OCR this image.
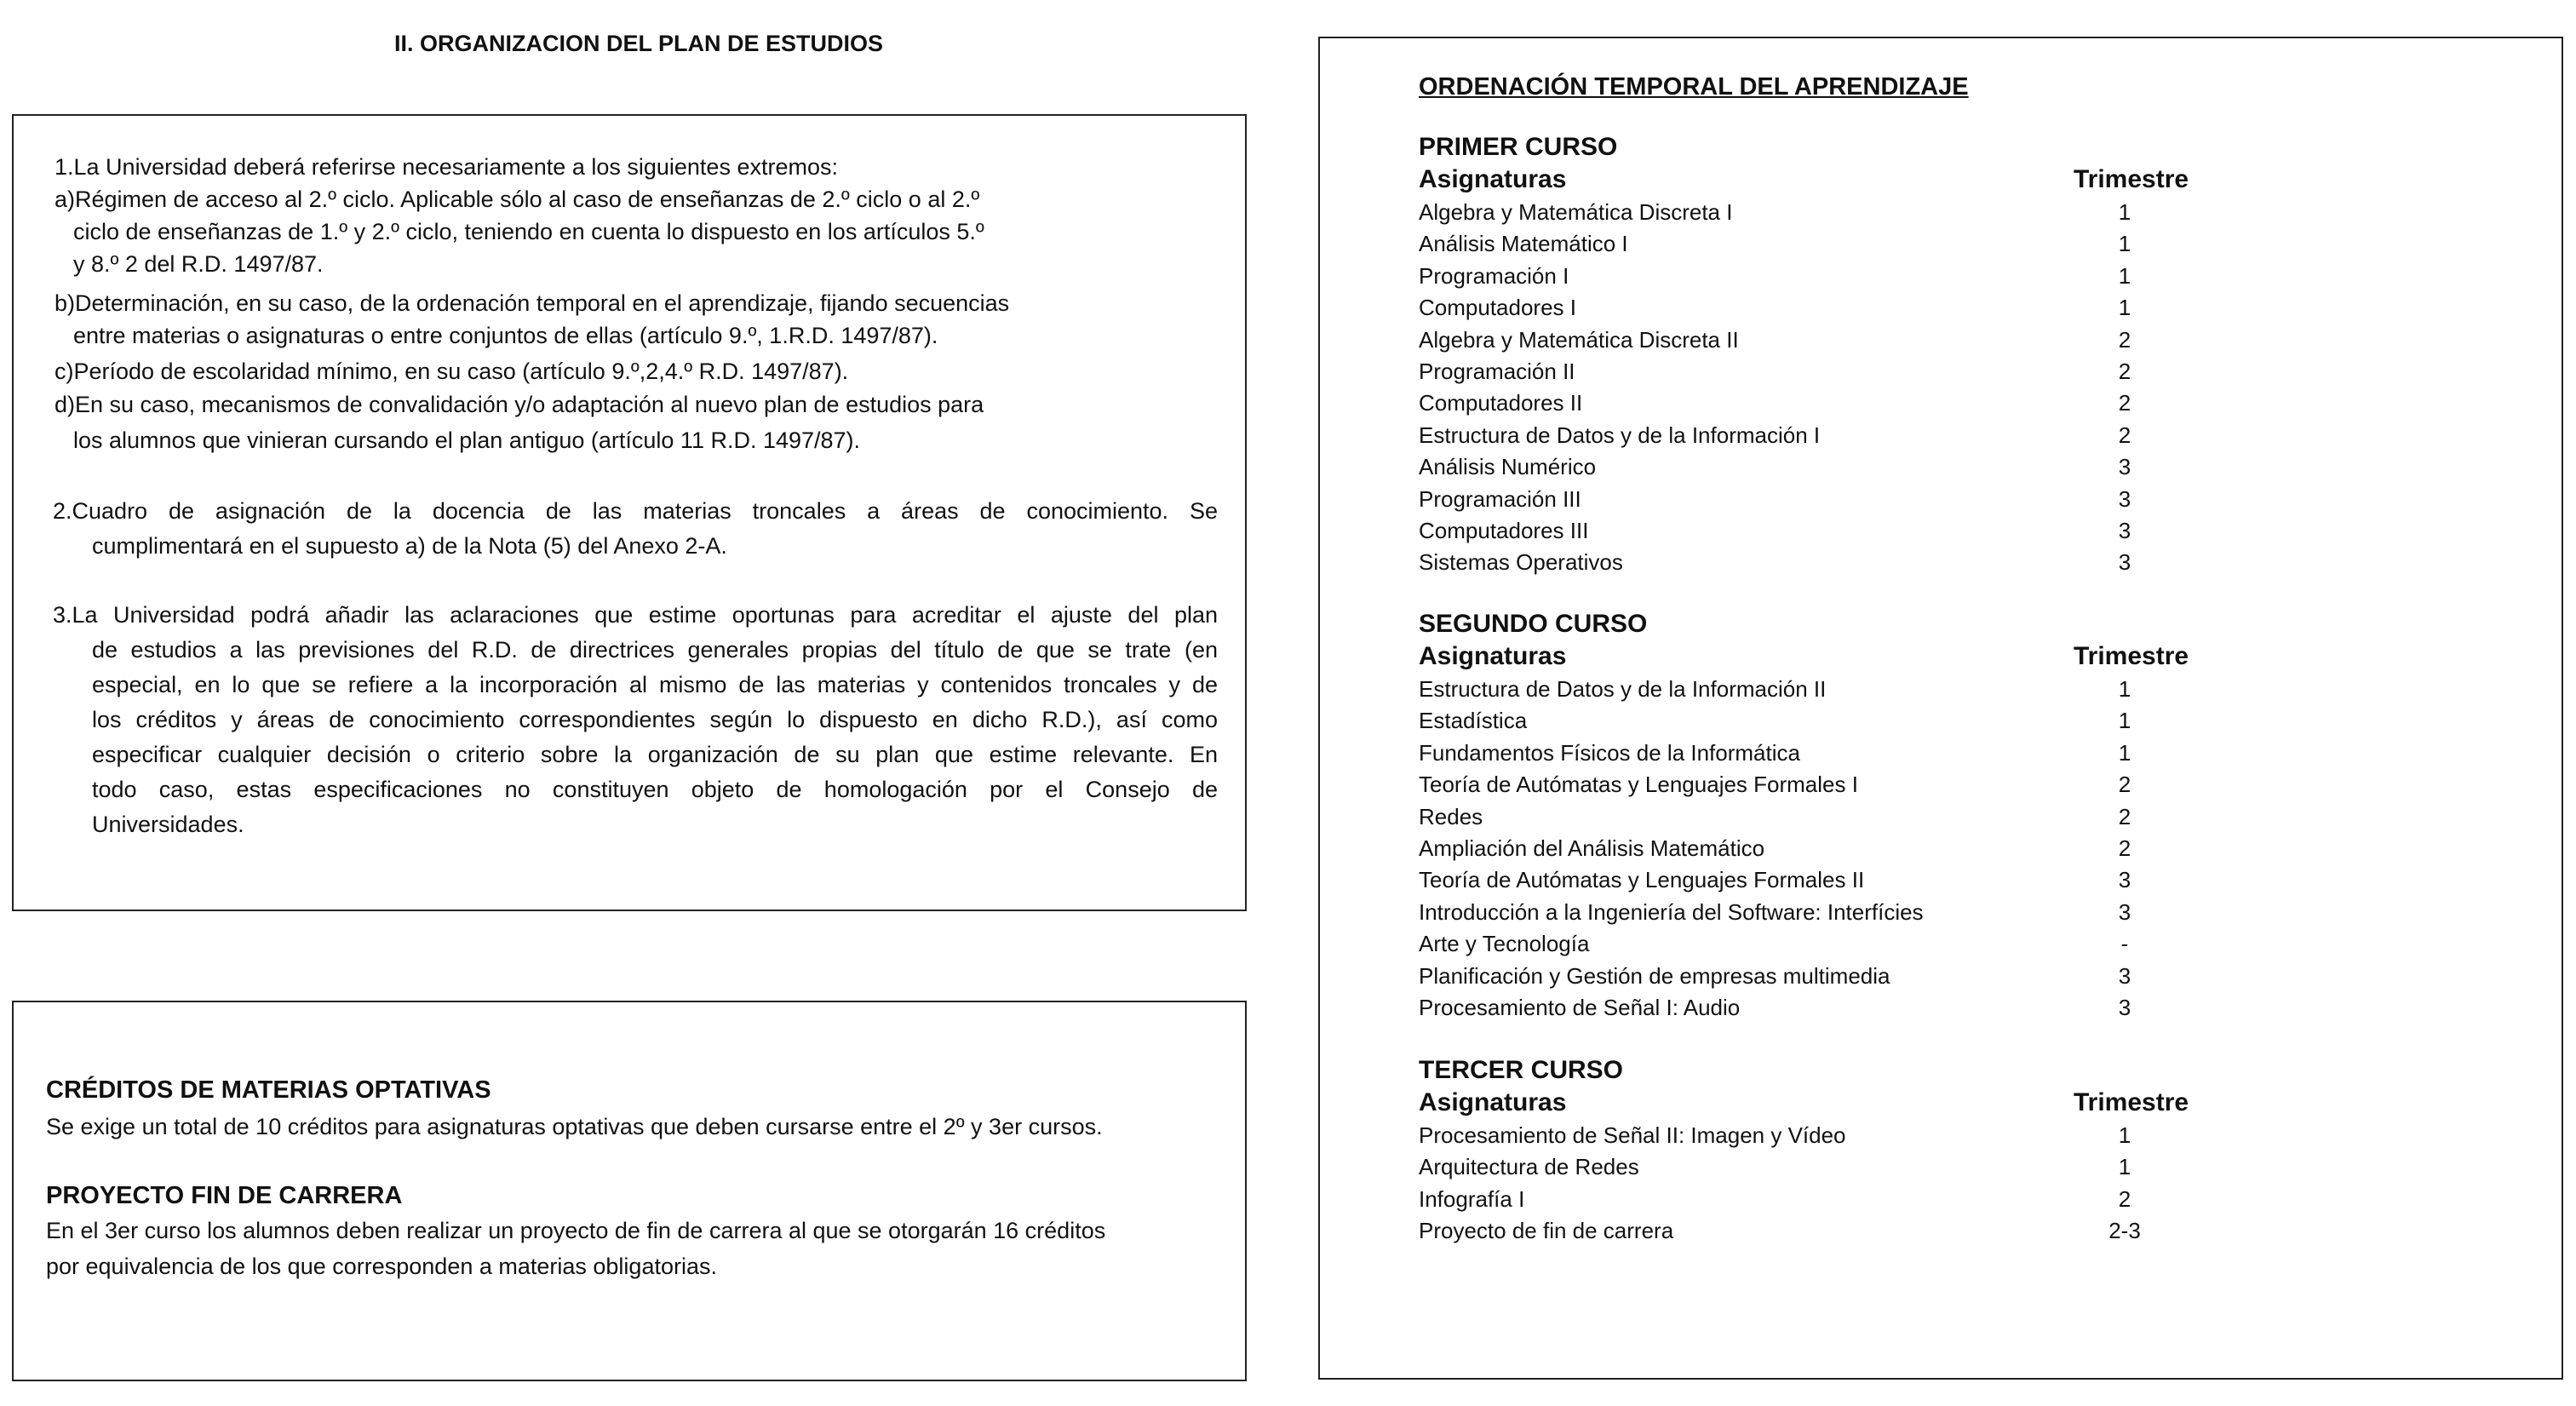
II. ORGANIZACION DEL PLAN DE ESTUDIOS
1.La Universidad deberá referirse necesariamente a los siguientes extremos:
a)Régimen de acceso al 2.º ciclo. Aplicable sólo al caso de enseñanzas de 2.º ciclo o al 2.º
ciclo de enseñanzas de 1.º y 2.º ciclo, teniendo en cuenta lo dispuesto en los artículos 5.º
y 8.º 2 del R.D. 1497/87.
b)Determinación, en su caso, de la ordenación temporal en el aprendizaje, fijando secuencias
entre materias o asignaturas o entre conjuntos de ellas (artículo 9.º, 1.R.D. 1497/87).
c)Período de escolaridad mínimo, en su caso (artículo 9.º,2,4.º R.D. 1497/87).
d)En su caso, mecanismos de convalidación y/o adaptación al nuevo plan de estudios para
los alumnos que vinieran cursando el plan antiguo (artículo 11 R.D. 1497/87).
2.Cuadro de asignación de la docencia de las materias troncales a áreas de conocimiento. Se
cumplimentará en el supuesto a) de la Nota (5) del Anexo 2-A.
3.La Universidad podrá añadir las aclaraciones que estime oportunas para acreditar el ajuste del plan
de estudios a las previsiones del R.D. de directrices generales propias del título de que se trate (en
especial, en lo que se refiere a la incorporación al mismo de las materias y contenidos troncales y de
los créditos y áreas de conocimiento correspondientes según lo dispuesto en dicho R.D.), así como
especificar cualquier decisión o criterio sobre la organización de su plan que estime relevante. En
todo caso, estas especificaciones no constituyen objeto de homologación por el Consejo de
Universidades.
CRÉDITOS DE MATERIAS OPTATIVAS
Se exige un total de 10 créditos para asignaturas optativas que deben cursarse entre el 2º y 3er cursos.
PROYECTO FIN DE CARRERA
En el 3er curso los alumnos deben realizar un proyecto de fin de carrera al que se otorgarán 16 créditos
por equivalencia de los que corresponden a materias obligatorias.
ORDENACIÓN TEMPORAL DEL APRENDIZAJE
PRIMER CURSO
Asignaturas	Trimestre
Algebra y Matemática Discreta I	1
Análisis Matemático I	1
Programación I	1
Computadores I	1
Algebra y Matemática Discreta II	2
Programación II	2
Computadores II	2
Estructura de Datos y de la Información I	2
Análisis Numérico	3
Programación III	3
Computadores III	3
Sistemas Operativos	3
SEGUNDO CURSO
Asignaturas	Trimestre
Estructura de Datos y de la Información II	1
Estadística	1
Fundamentos Físicos de la Informática	1
Teoría de Autómatas y Lenguajes Formales I	2
Redes	2
Ampliación del Análisis Matemático	2
Teoría de Autómatas y Lenguajes Formales II	3
Introducción a la Ingeniería del Software: Interfícies	3
Arte y Tecnología	-
Planificación y Gestión de empresas multimedia	3
Procesamiento de Señal I: Audio	3
TERCER CURSO
Asignaturas	Trimestre
Procesamiento de Señal II: Imagen y Vídeo	1
Arquitectura de Redes	1
Infografía I	2
Proyecto de fin de carrera	2-3
